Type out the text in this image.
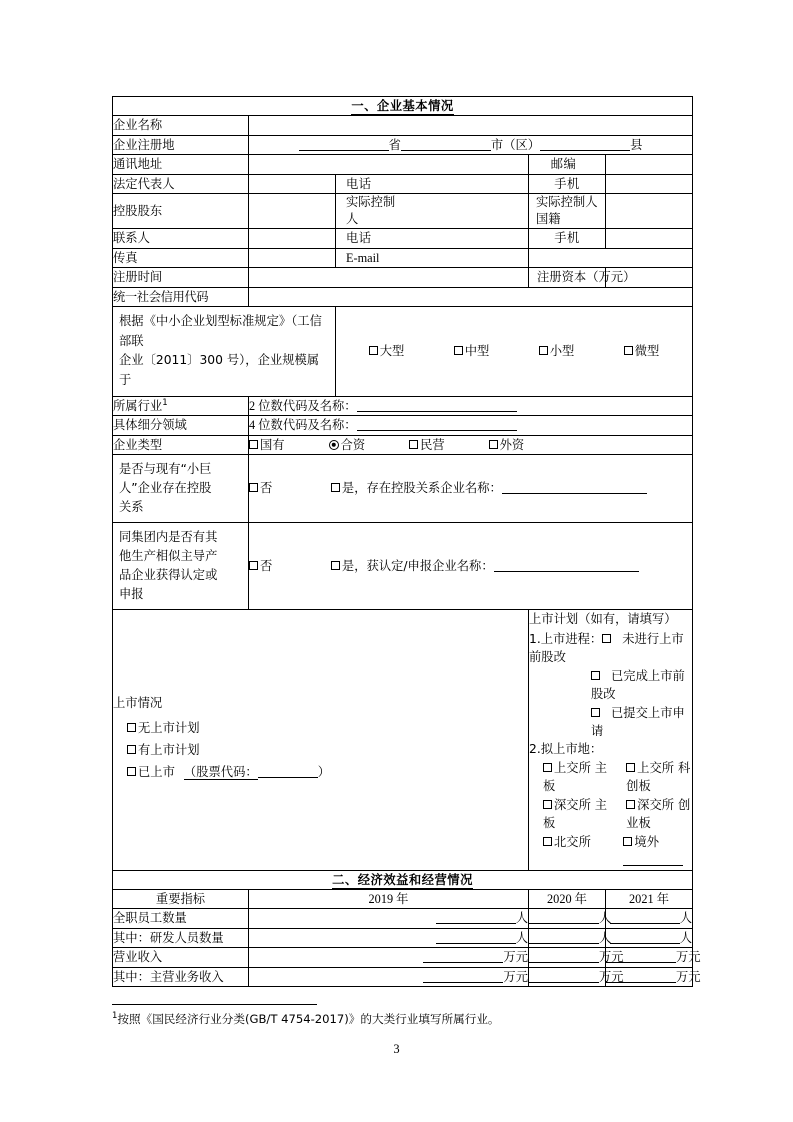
一、企业基本情况				
企业名称				
企业注册地	省 市（区） 县			
通讯地址			邮编	
法定代表人		电话	手机	
控股股东		实际控制人	实际控制人国籍	
联系人		电话	手机	
传真		E-mail		
注册时间			注册资本（万元）	
统一社会信用代码				
根据《中小企业划型标准规定》（工信部联
企业〔2011〕300 号），企业规模属于		大型 中型 小型 微型		

所属行业$^1$	2 位数代码及名称：			
具体细分领域	4 位数代码及名称：			
企业类型	国有 合资 民营 外资			
是否与现有“小巨
人”企业存在控股
关系	否 是，存在控股关系企业名称：			
同集团内是否有其
他生产相似主导产
品企业获得认定或
申报	否 是，获认定/申报企业名称：			

上市情况
无上市计划
有上市计划
已上市 （股票代码：	）

上市计划（如有，请填写）
1.上市进程： 未进行上市前股改
已完成上市前股改
已提交上市申请
2.拟上市地：
上交所 主　板
上交所 科创板
深交所 主　板
深交所 创业板
北交所	境外

二、经济效益和经营情况				
重要指标	2019 年		2020 年	2021 年
全职员工数量	人		人	人
其中：研发人员数量	人		人	人
营业收入	万元		万元	万元
其中：主营业务收入	万元		万元	万元
$^1$按照《国民经济行业分类(GB/T 4754-2017)》的大类行业填写所属行业。
3
